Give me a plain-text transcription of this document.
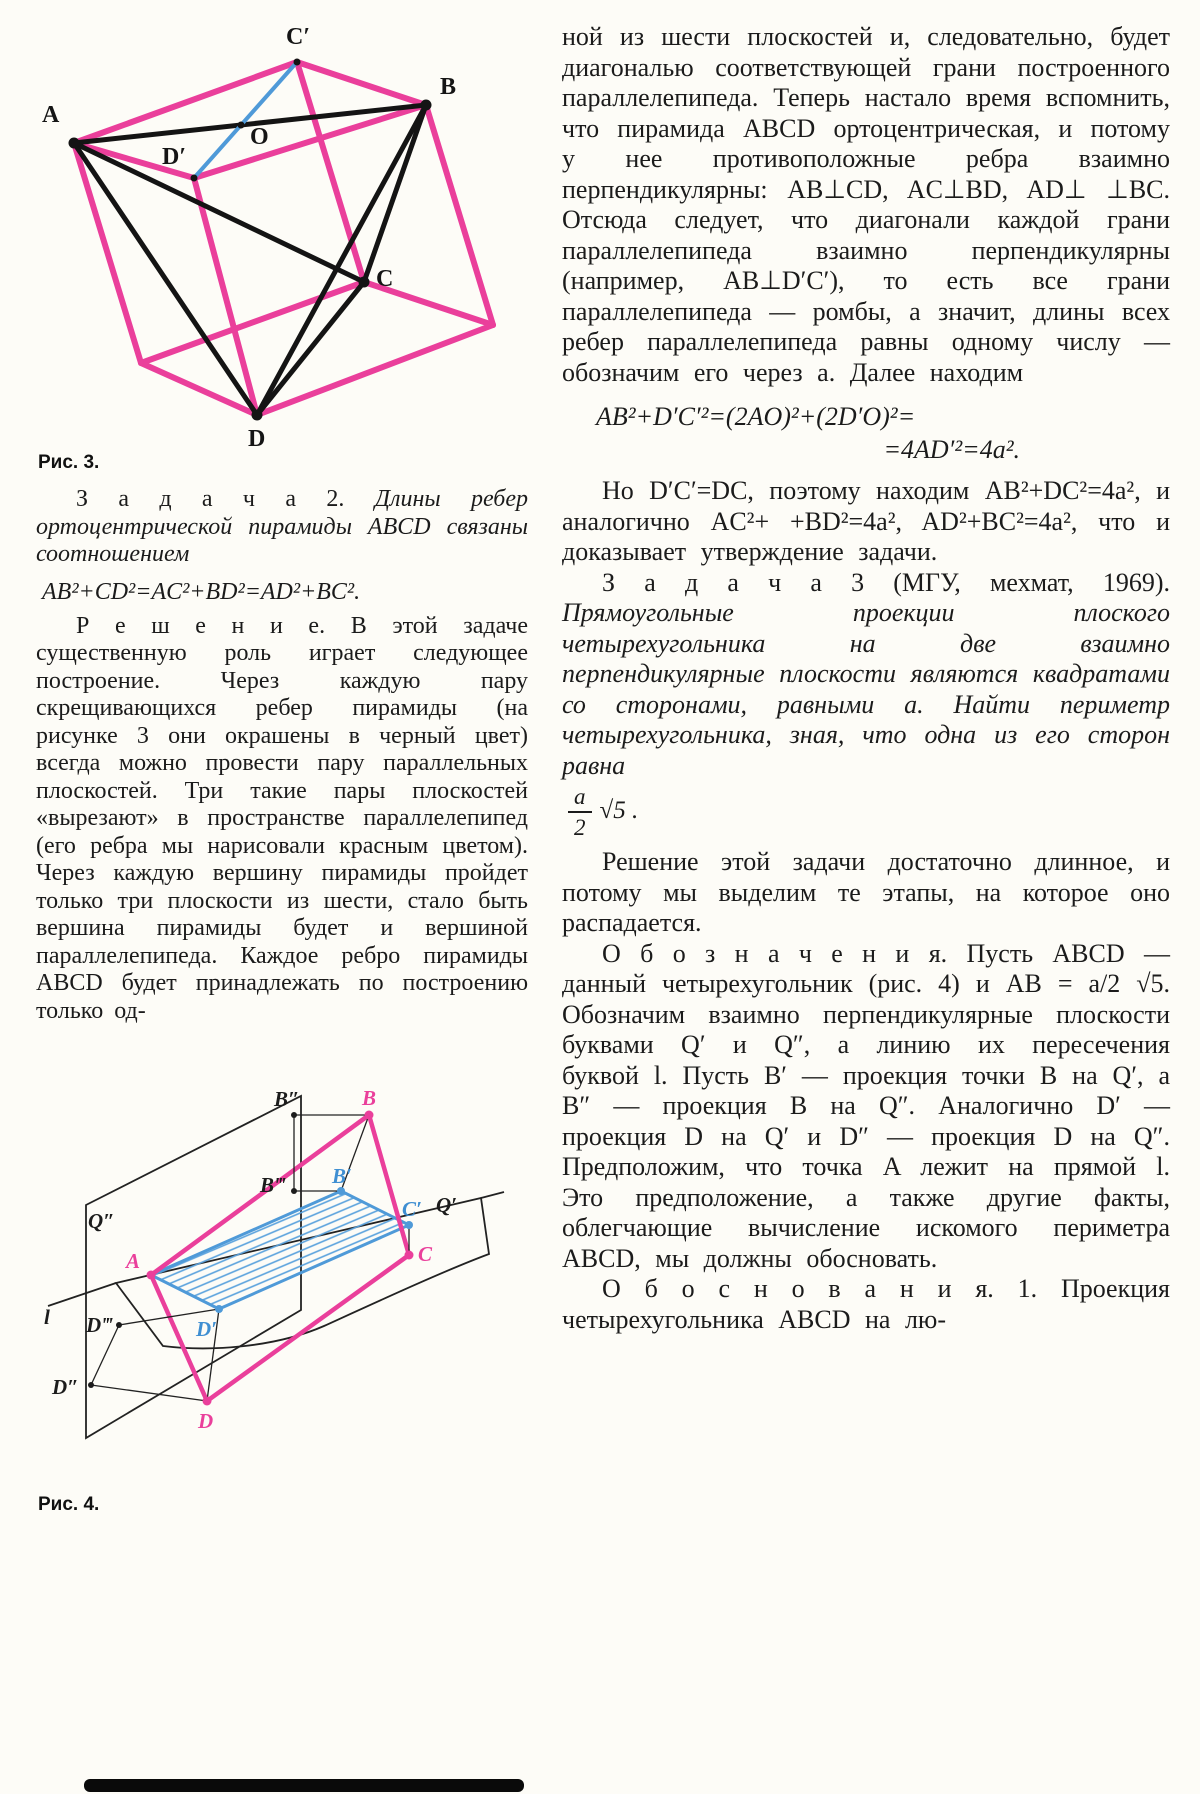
A
B
C
D
C′
D′
O
Рис. 3.

З а д а ч а 2. Длины ребер ортоцентрической пирамиды ABCD связаны соотношением

AB²+CD²=AC²+BD²=AD²+BC².

Р е ш е н и е. В этой задаче существенную роль играет следующее построение. Через каждую пару скрещивающихся ребер пирамиды (на рисунке 3 они окрашены в черный цвет) всегда можно провести пару параллельных плоскостей. Три такие пары плоскостей «вырезают» в пространстве параллелепипед (его ребра мы нарисовали красным цветом). Через каждую вершину пирамиды пройдет только три плоскости из шести, стало быть вершина пирамиды будет и вершиной параллелепипеда. Каждое ребро пирамиды ABCD будет принадлежать по построению только од-

A
B
C
D
B′
C′
D′
B″
B‴
D″
D‴
Q′
Q″
l
Рис. 4.

ной из шести плоскостей и, следовательно, будет диагональю соответствующей грани построенного параллелепипеда. Теперь настало время вспомнить, что пирамида ABCD ортоцентрическая, и потому у нее противоположные ребра взаимно перпендикулярны: AB⊥CD, AC⊥BD, AD⊥ ⊥BC. Отсюда следует, что диагонали каждой грани параллелепипеда взаимно перпендикулярны (например, AB⊥D′C′), то есть все грани параллелепипеда — ромбы, а значит, длины всех ребер параллелепипеда равны одному числу — обозначим его через a. Далее находим

AB²+D′C′²=(2AO)²+(2D′O)²=
=4AD′²=4a².

Но D′C′=DC, поэтому находим AB²+DC²=4a², и аналогично AC²+ +BD²=4a², AD²+BC²=4a², что и доказывает утверждение задачи.

З а д а ч а 3 (МГУ, мехмат, 1969). Прямоугольные проекции плоского четырехугольника на две взаимно перпендикулярные плоскости являются квадратами со сторонами, равными a. Найти периметр четырехугольника, зная, что одна из его сторон равна

$\frac{a}{2} √5$ .

Решение этой задачи достаточно длинное, и потому мы выделим те этапы, на которое оно распадается.

О б о з н а ч е н и я. Пусть ABCD — данный четырехугольник (рис. 4) и AB = a/2 √5. Обозначим взаимно перпендикулярные плоскости буквами Q′ и Q″, а линию их пересечения буквой l. Пусть B′ — проекция точки B на Q′, а B″ — проекция B на Q″. Аналогично D′ — проекция D на Q′ и D″ — проекция D на Q″. Предположим, что точка A лежит на прямой l. Это предположение, а также другие факты, облегчающие вычисление искомого периметра ABCD, мы должны обосновать.

О б о с н о в а н и я. 1. Проекция четырехугольника ABCD на лю-
